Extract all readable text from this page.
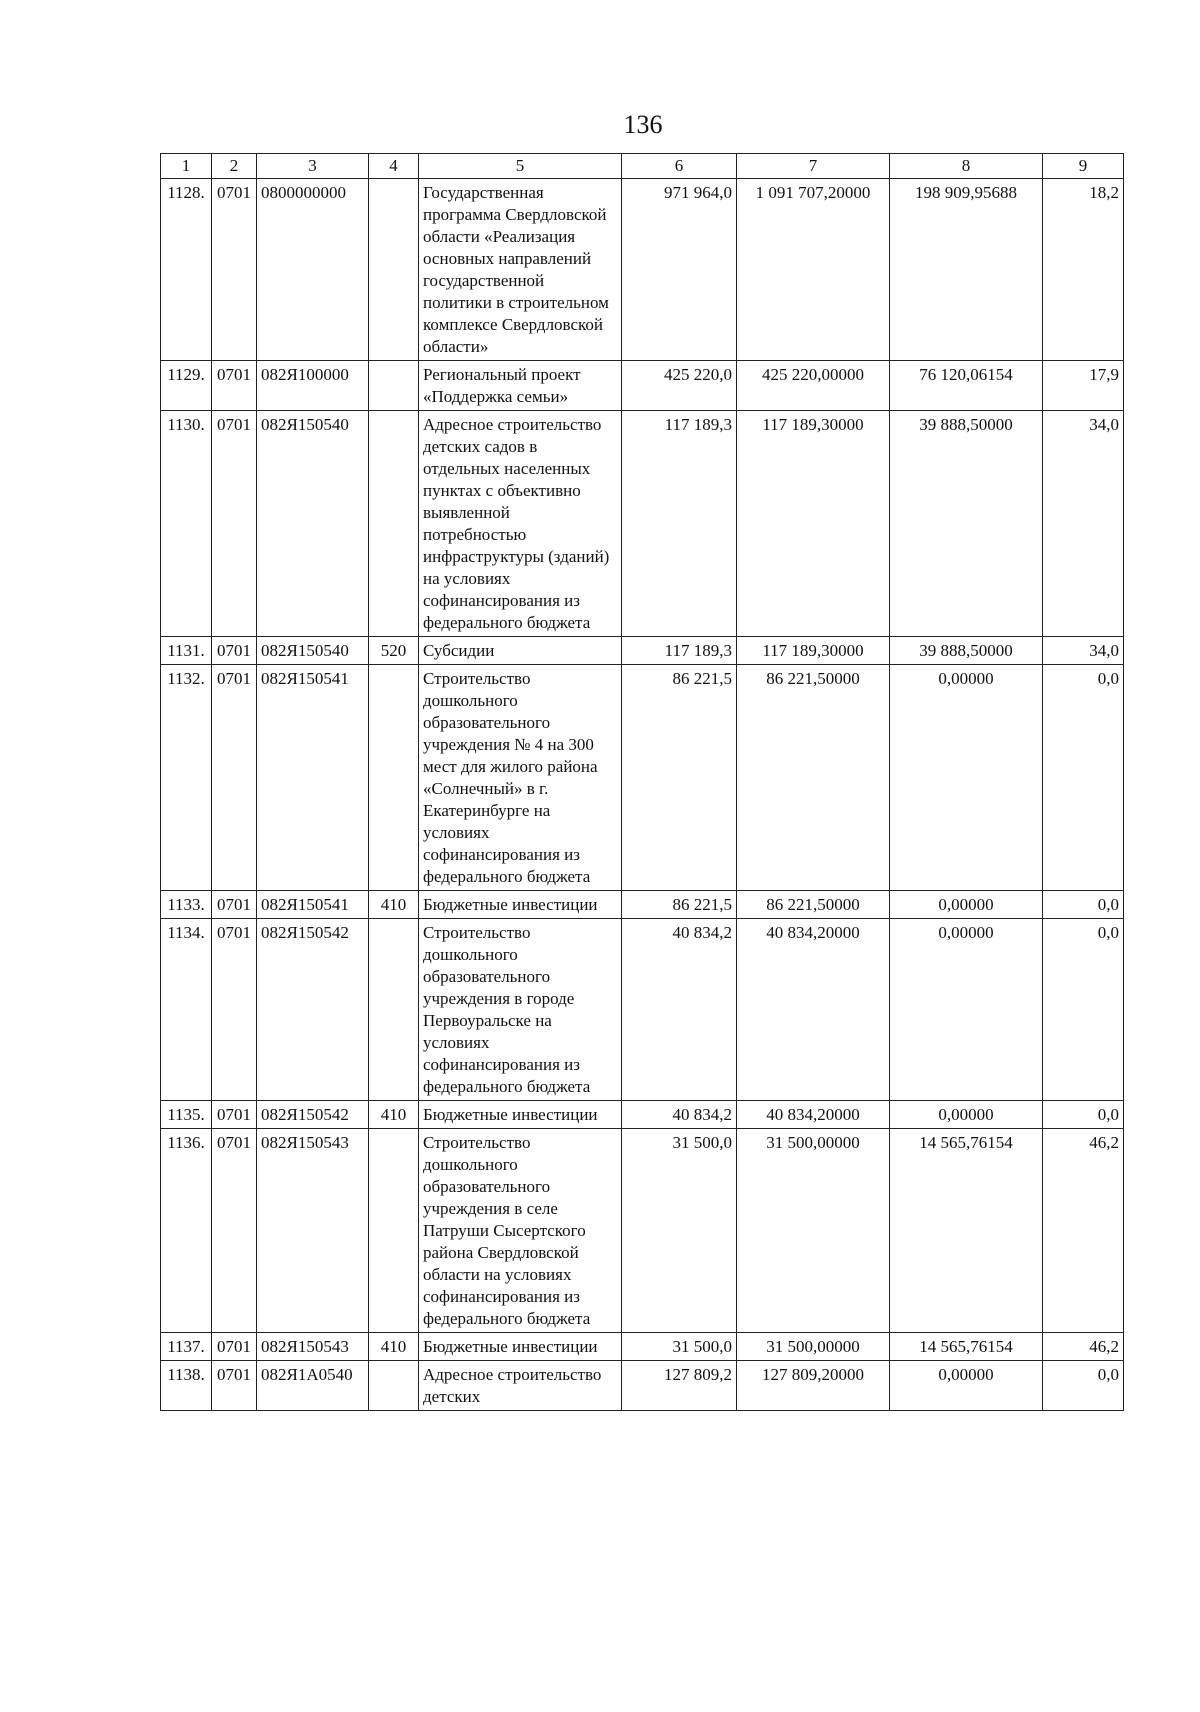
136
1	2	3	4	5	6	7	8	9
1128.	0701	0800000000		Государственная программа Свердловской области «Реализация основных направлений государственной политики в строительном комплексе Свердловской области»	971 964,0	1 091 707,20000	198 909,95688	18,2
1129.	0701	082Я100000		Региональный проект «Поддержка семьи»	425 220,0	425 220,00000	76 120,06154	17,9
1130.	0701	082Я150540		Адресное строительство детских садов в отдельных населенных пунктах с объективно выявленной потребностью инфраструктуры (зданий) на условиях софинансирования из федерального бюджета	117 189,3	117 189,30000	39 888,50000	34,0
1131.	0701	082Я150540	520	Субсидии	117 189,3	117 189,30000	39 888,50000	34,0
1132.	0701	082Я150541		Строительство дошкольного образовательного учреждения № 4 на 300 мест для жилого района «Солнечный» в г. Екатеринбурге на условиях софинансирования из федерального бюджета	86 221,5	86 221,50000	0,00000	0,0
1133.	0701	082Я150541	410	Бюджетные инвестиции	86 221,5	86 221,50000	0,00000	0,0
1134.	0701	082Я150542		Строительство дошкольного образовательного учреждения в городе Первоуральске на условиях софинансирования из федерального бюджета	40 834,2	40 834,20000	0,00000	0,0
1135.	0701	082Я150542	410	Бюджетные инвестиции	40 834,2	40 834,20000	0,00000	0,0
1136.	0701	082Я150543		Строительство дошкольного образовательного учреждения в селе Патруши Сысертского района Свердловской области на условиях софинансирования из федерального бюджета	31 500,0	31 500,00000	14 565,76154	46,2
1137.	0701	082Я150543	410	Бюджетные инвестиции	31 500,0	31 500,00000	14 565,76154	46,2
1138.	0701	082Я1А0540		Адресное строительство детских	127 809,2	127 809,20000	0,00000	0,0
